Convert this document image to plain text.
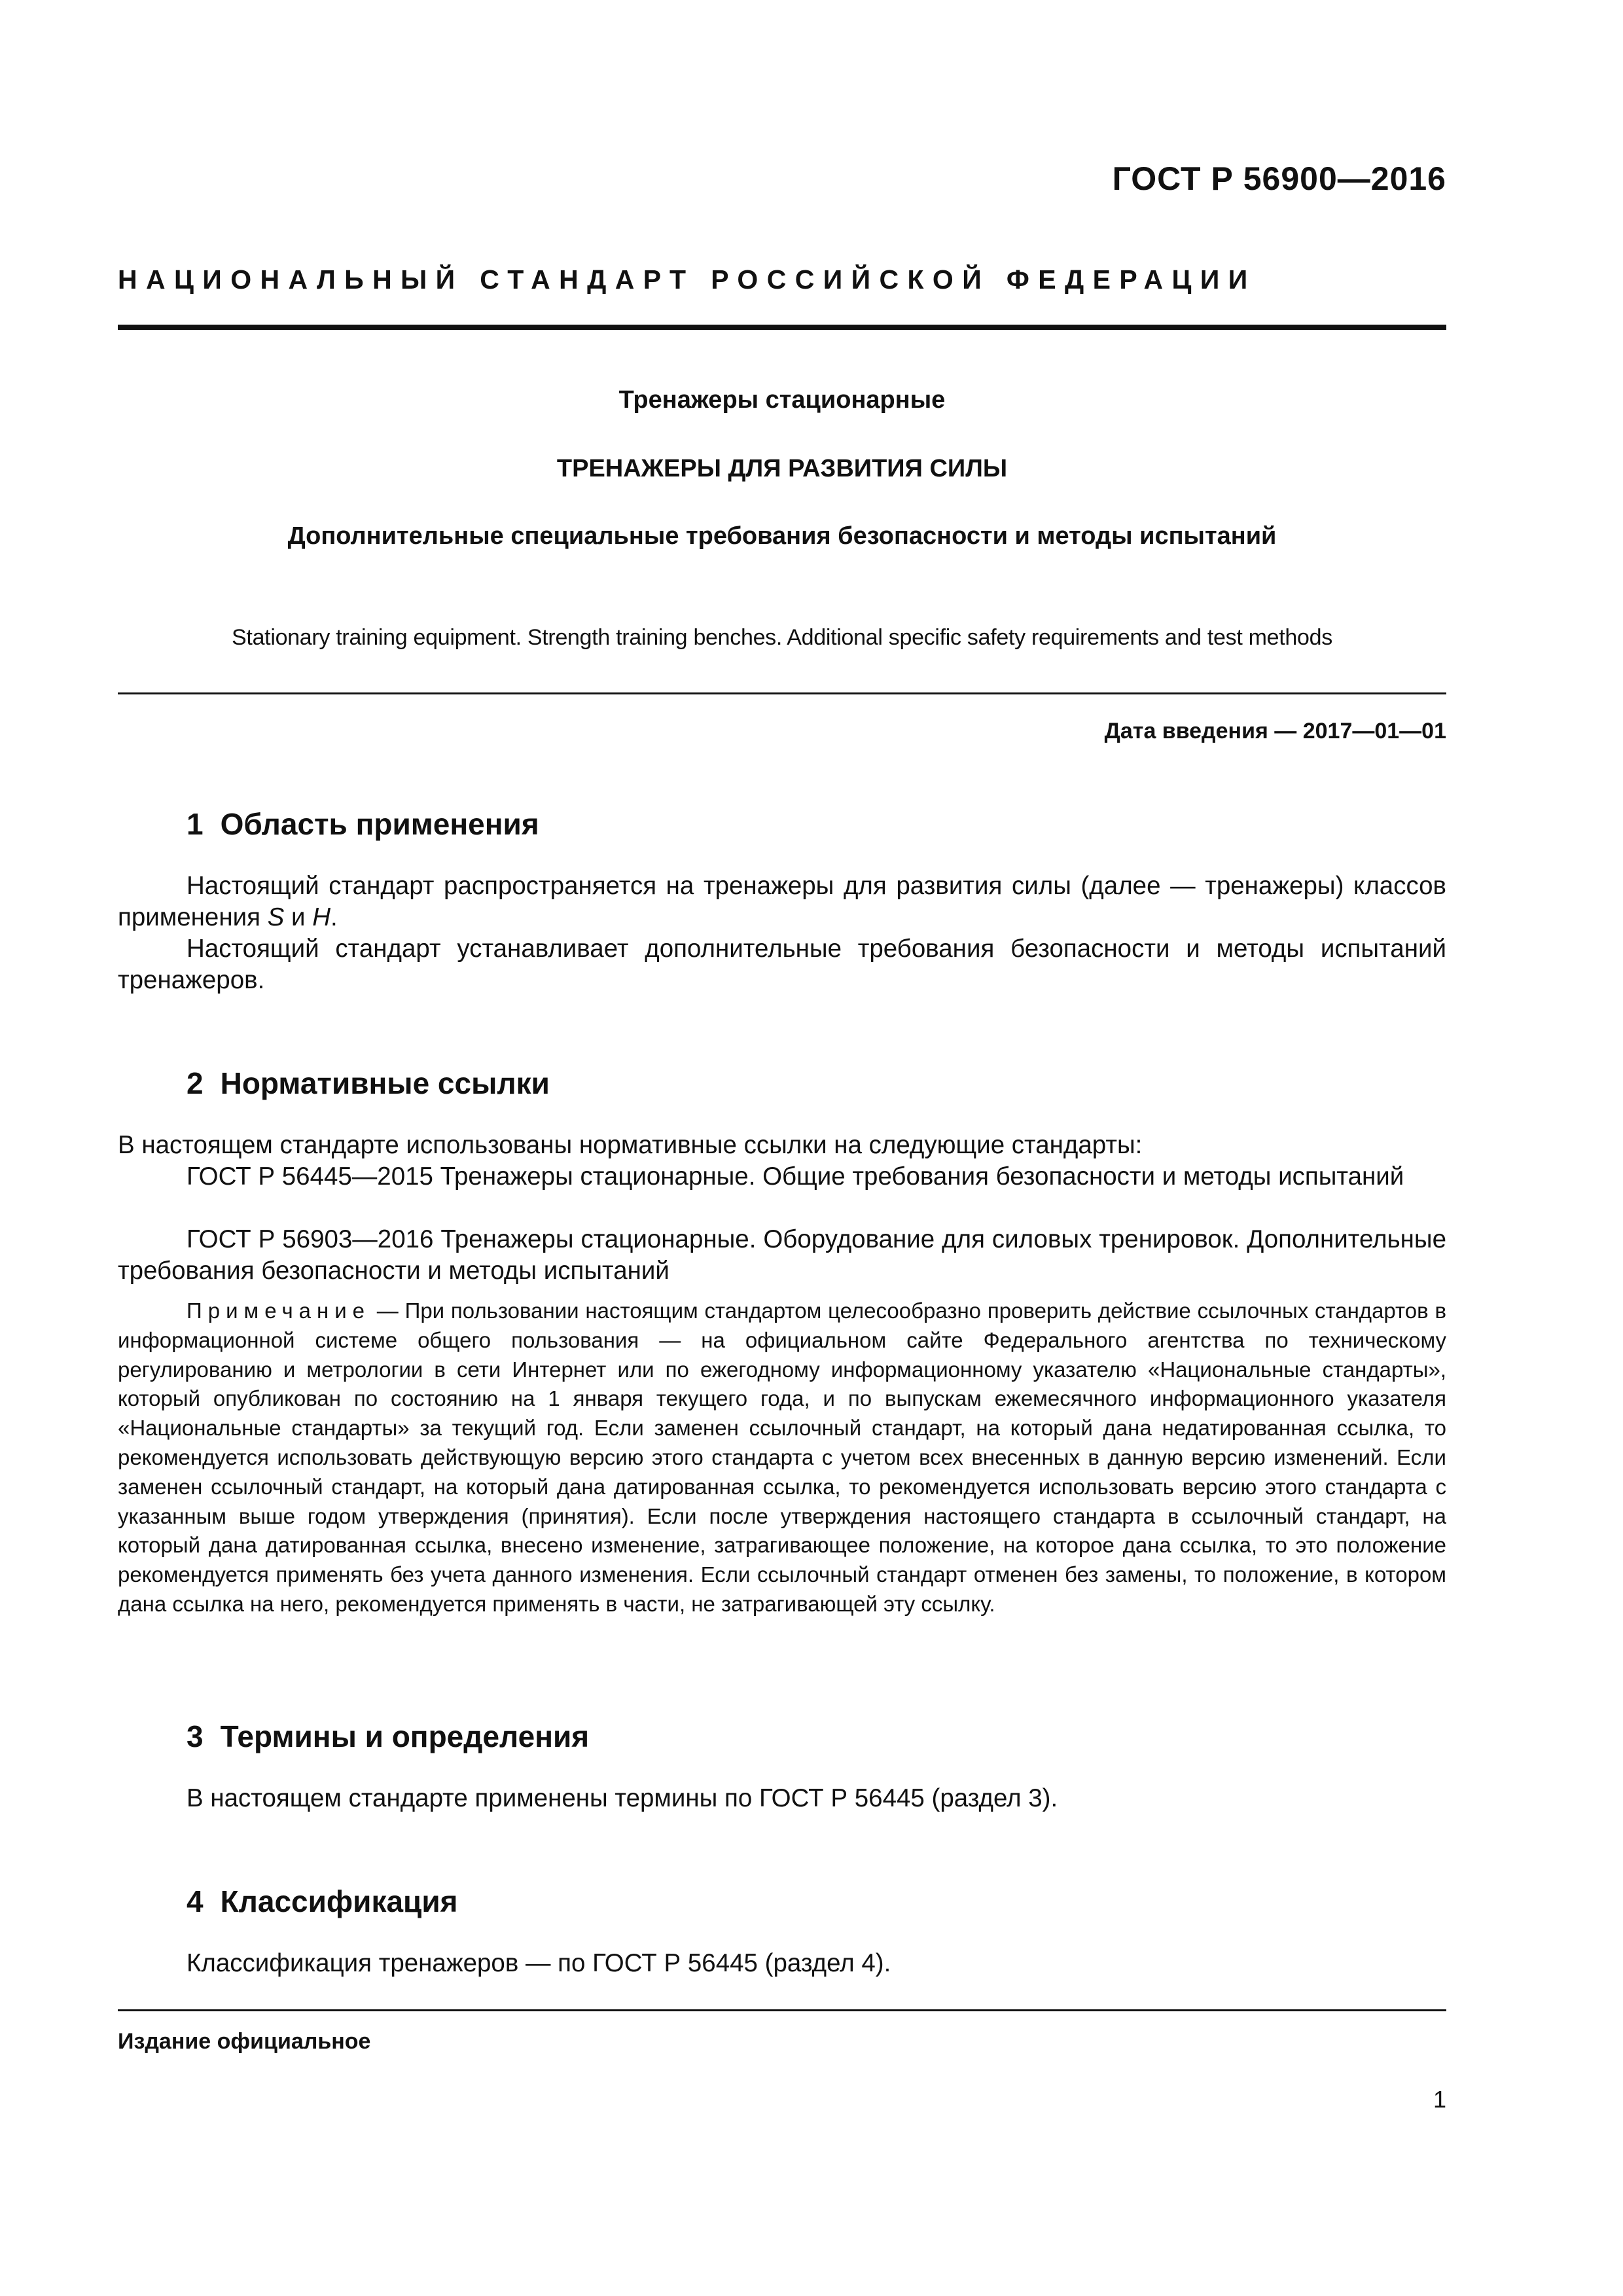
ГОСТ Р 56900—2016
НАЦИОНАЛЬНЫЙ СТАНДАРТ РОССИЙСКОЙ ФЕДЕРАЦИИ
Тренажеры стационарные
ТРЕНАЖЕРЫ ДЛЯ РАЗВИТИЯ СИЛЫ
Дополнительные специальные требования безопасности и методы испытаний
Stationary training equipment. Strength training benches. Additional specific safety requirements and test methods
Дата введения — 2017—01—01
1 Область применения
Настоящий стандарт распространяется на тренажеры для развития силы (далее — тренажеры) классов применения S и H.
Настоящий стандарт устанавливает дополнительные требования безопасности и методы испытаний тренажеров.
2 Нормативные ссылки
В настоящем стандарте использованы нормативные ссылки на следующие стандарты:
ГОСТ Р 56445—2015 Тренажеры стационарные. Общие требования безопасности и методы испытаний
ГОСТ Р 56903—2016 Тренажеры стационарные. Оборудование для силовых тренировок. Дополнительные требования безопасности и методы испытаний
Примечание — При пользовании настоящим стандартом целесообразно проверить действие ссылочных стандартов в информационной системе общего пользования — на официальном сайте Федерального агентства по техническому регулированию и метрологии в сети Интернет или по ежегодному информационному указателю «Национальные стандарты», который опубликован по состоянию на 1 января текущего года, и по выпускам ежемесячного информационного указателя «Национальные стандарты» за текущий год. Если заменен ссылочный стандарт, на который дана недатированная ссылка, то рекомендуется использовать действующую версию этого стандарта с учетом всех внесенных в данную версию изменений. Если заменен ссылочный стандарт, на который дана датированная ссылка, то рекомендуется использовать версию этого стандарта с указанным выше годом утверждения (принятия). Если после утверждения настоящего стандарта в ссылочный стандарт, на который дана датированная ссылка, внесено изменение, затрагивающее положение, на которое дана ссылка, то это положение рекомендуется применять без учета данного изменения. Если ссылочный стандарт отменен без замены, то положение, в котором дана ссылка на него, рекомендуется применять в части, не затрагивающей эту ссылку.
3 Термины и определения
В настоящем стандарте применены термины по ГОСТ Р 56445 (раздел 3).
4 Классификация
Классификация тренажеров — по ГОСТ Р 56445 (раздел 4).
Издание официальное
1
